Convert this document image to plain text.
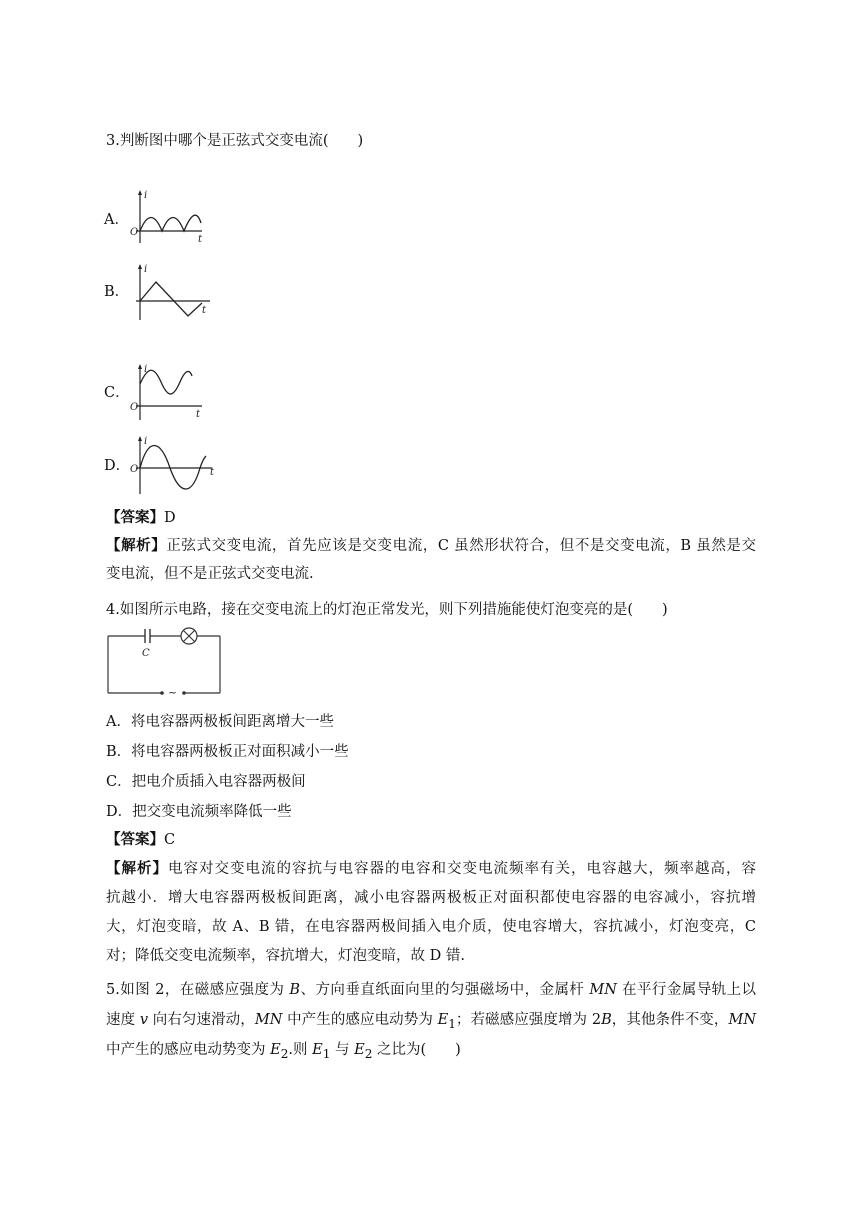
3.判断图中哪个是正弦式交变电流(　　)
A．
i
O
t
B．
i
t
C．
i
O
t
D．
i
O	t
【答案】D
【解析】正弦式交变电流，首先应该是交变电流，C 虽然形状符合，但不是交变电流，B 虽然是交
变电流，但不是正弦式交变电流.
4.如图所示电路，接在交变电流上的灯泡正常发光，则下列措施能使灯泡变亮的是(　　)
C
~
A．将电容器两极板间距离增大一些
B．将电容器两极板正对面积减小一些
C．把电介质插入电容器两极间
D．把交变电流频率降低一些
【答案】C
【解析】电容对交变电流的容抗与电容器的电容和交变电流频率有关，电容越大，频率越高，容
抗越小．增大电容器两极板间距离，减小电容器两极板正对面积都使电容器的电容减小，容抗增
大，灯泡变暗，故 A、B 错，在电容器两极间插入电介质，使电容增大，容抗减小，灯泡变亮，C
对；降低交变电流频率，容抗增大，灯泡变暗，故 D 错.
5.如图 2，在磁感应强度为 B、方向垂直纸面向里的匀强磁场中，金属杆 MN 在平行金属导轨上以
速度 v 向右匀速滑动，MN 中产生的感应电动势为 $E_1$；若磁感应强度增为 2B，其他条件不变，MN
中产生的感应电动势变为 $E_2$.则 $E_1$ 与 $E_2$ 之比为(　　)
